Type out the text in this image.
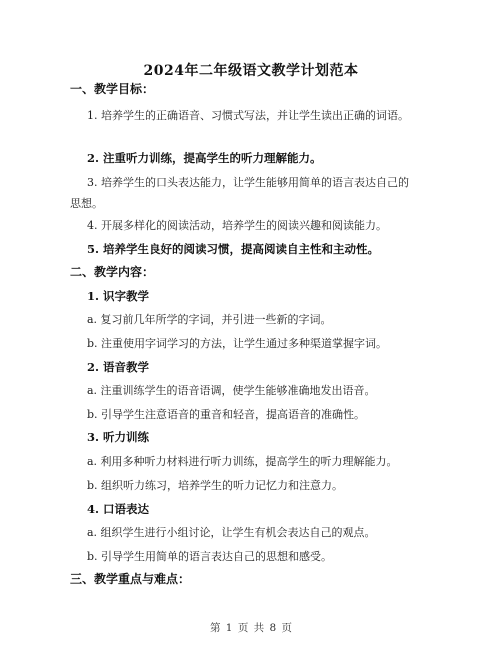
2024年二年级语文教学计划范本
一、教学目标：
1. 培养学生的正确语音、习惯式写法，并让学生读出正确的词语。
2. 注重听力训练，提高学生的听力理解能力。
3. 培养学生的口头表达能力，让学生能够用简单的语言表达自己的思想。
4. 开展多样化的阅读活动，培养学生的阅读兴趣和阅读能力。
5. 培养学生良好的阅读习惯，提高阅读自主性和主动性。
二、教学内容：
1. 识字教学
a. 复习前几年所学的字词，并引进一些新的字词。
b. 注重使用字词学习的方法，让学生通过多种渠道掌握字词。
2. 语音教学
a. 注重训练学生的语音语调，使学生能够准确地发出语音。
b. 引导学生注意语音的重音和轻音，提高语音的准确性。
3. 听力训练
a. 利用多种听力材料进行听力训练，提高学生的听力理解能力。
b. 组织听力练习，培养学生的听力记忆力和注意力。
4. 口语表达
a. 组织学生进行小组讨论，让学生有机会表达自己的观点。
b. 引导学生用简单的语言表达自己的思想和感受。
三、教学重点与难点：
第 1 页 共 8 页
